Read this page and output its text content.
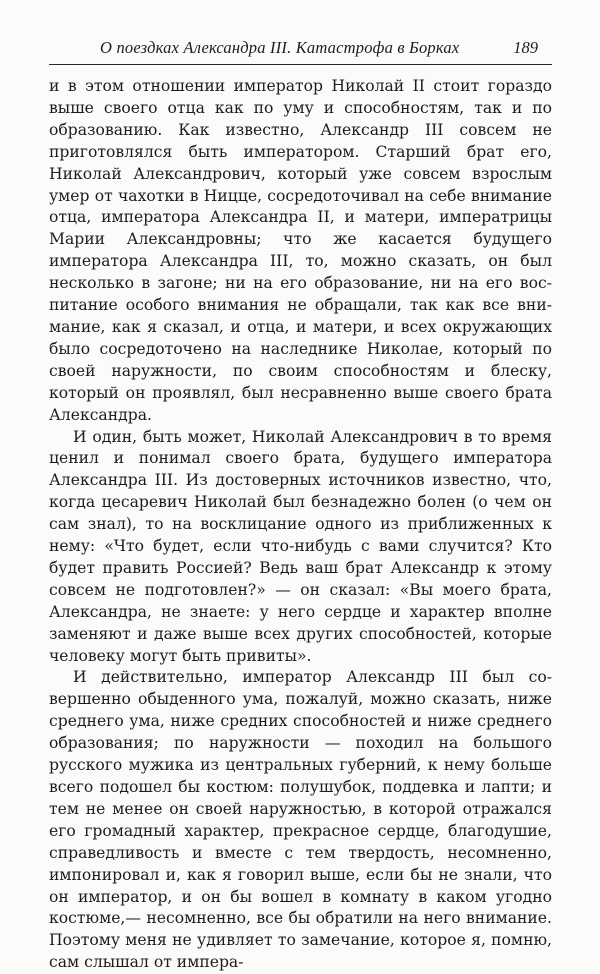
О поездках Александра III. Катастрофа в Борках	189

и в этом отношении император Николай II стоит гораздо выше своего отца как по уму и способностям, так и по образованию. Как известно, Александр III совсем не приготовлялся быть императором. Старший брат его, Николай Александрович, который уже совсем взрослым умер от чахотки в Ницце, сосредоточивал на себе внимание отца, императора Александра II, и матери, императрицы Марии Александровны; что же касается будущего императора Александра III, то, можно сказать, он был несколько в загоне; ни на его образование, ни на его воспитание особого внимания не обращали, так как все внимание, как я сказал, и отца, и матери, и всех окружающих было сосредоточено на наследнике Николае, который по своей наружности, по своим способностям и блеску, который он проявлял, был несравненно выше своего брата Александра.

И один, быть может, Николай Александрович в то время ценил и понимал своего брата, будущего императора Александра III. Из достоверных источников известно, что, когда цесаревич Николай был безнадежно болен (о чем он сам знал), то на восклицание одного из приближенных к нему: «Что будет, если что-нибудь с вами случится? Кто будет править Россией? Ведь ваш брат Александр к этому совсем не подготовлен?» — он сказал: «Вы моего брата, Александра, не знаете: у него сердце и характер вполне заменяют и даже выше всех других способностей, которые человеку могут быть привиты».

И действительно, император Александр III был совершенно обыденного ума, пожалуй, можно сказать, ниже среднего ума, ниже средних способностей и ниже среднего образования; по наружности — походил на большого русского мужика из центральных губерний, к нему больше всего подошел бы костюм: полушубок, поддевка и лапти; и тем не менее он своей наружностью, в которой отражался его громадный характер, прекрасное сердце, благодушие, справедливость и вместе с тем твердость, несомненно, импонировал и, как я говорил выше, если бы не знали, что он император, и он бы вошел в комнату в каком угодно костюме,— несомненно, все бы обратили на него внимание. Поэтому меня не удивляет то замечание, которое я, помню, сам слышал от импера-
